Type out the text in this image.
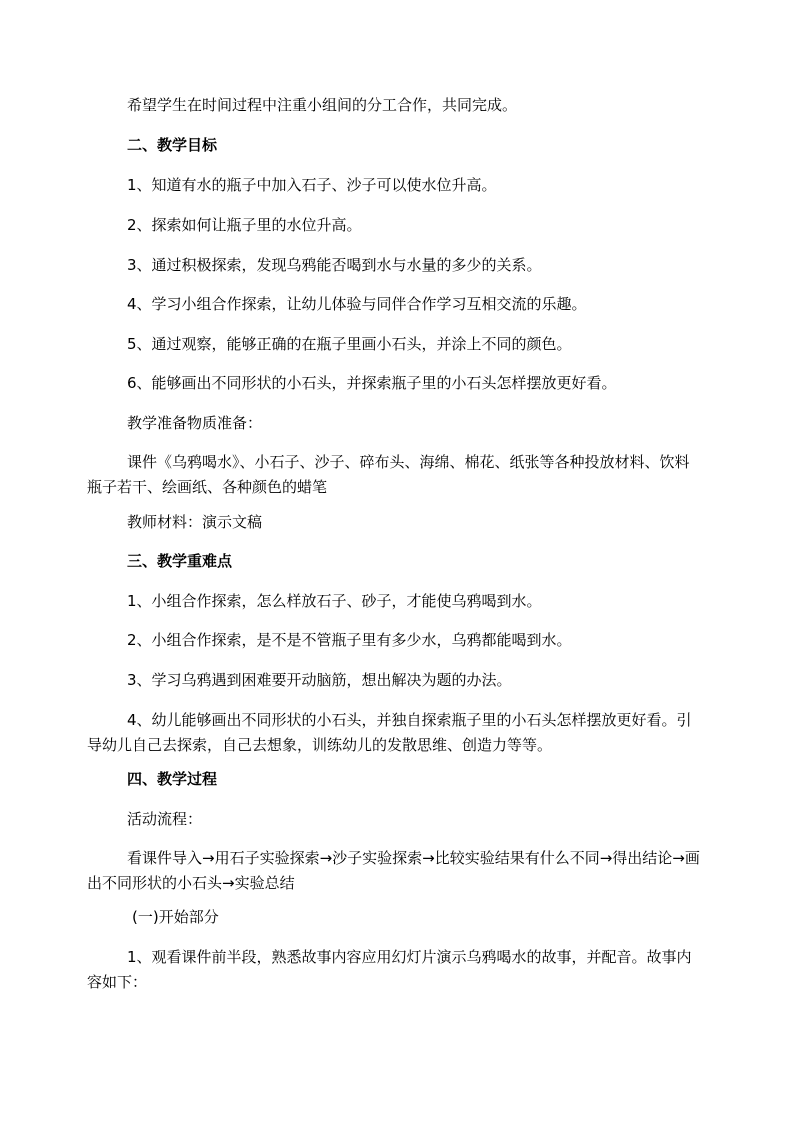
希望学生在时间过程中注重小组间的分工合作，共同完成。
二、教学目标
1、知道有水的瓶子中加入石子、沙子可以使水位升高。
2、探索如何让瓶子里的水位升高。
3、通过积极探索，发现乌鸦能否喝到水与水量的多少的关系。
4、学习小组合作探索，让幼儿体验与同伴合作学习互相交流的乐趣。
5、通过观察，能够正确的在瓶子里画小石头，并涂上不同的颜色。
6、能够画出不同形状的小石头，并探索瓶子里的小石头怎样摆放更好看。
教学准备物质准备：
课件《乌鸦喝水》、小石子、沙子、碎布头、海绵、棉花、纸张等各种投放材料、饮料瓶子若干、绘画纸、各种颜色的蜡笔
教师材料：演示文稿
三、教学重难点
1、小组合作探索，怎么样放石子、砂子，才能使乌鸦喝到水。
2、小组合作探索，是不是不管瓶子里有多少水，乌鸦都能喝到水。
3、学习乌鸦遇到困难要开动脑筋，想出解决为题的办法。
4、幼儿能够画出不同形状的小石头，并独自探索瓶子里的小石头怎样摆放更好看。引导幼儿自己去探索，自己去想象，训练幼儿的发散思维、创造力等等。
四、教学过程
活动流程：
看课件导入→用石子实验探索→沙子实验探索→比较实验结果有什么不同→得出结论→画出不同形状的小石头→实验总结
(一)开始部分
1、观看课件前半段，熟悉故事内容应用幻灯片演示乌鸦喝水的故事，并配音。故事内容如下：
